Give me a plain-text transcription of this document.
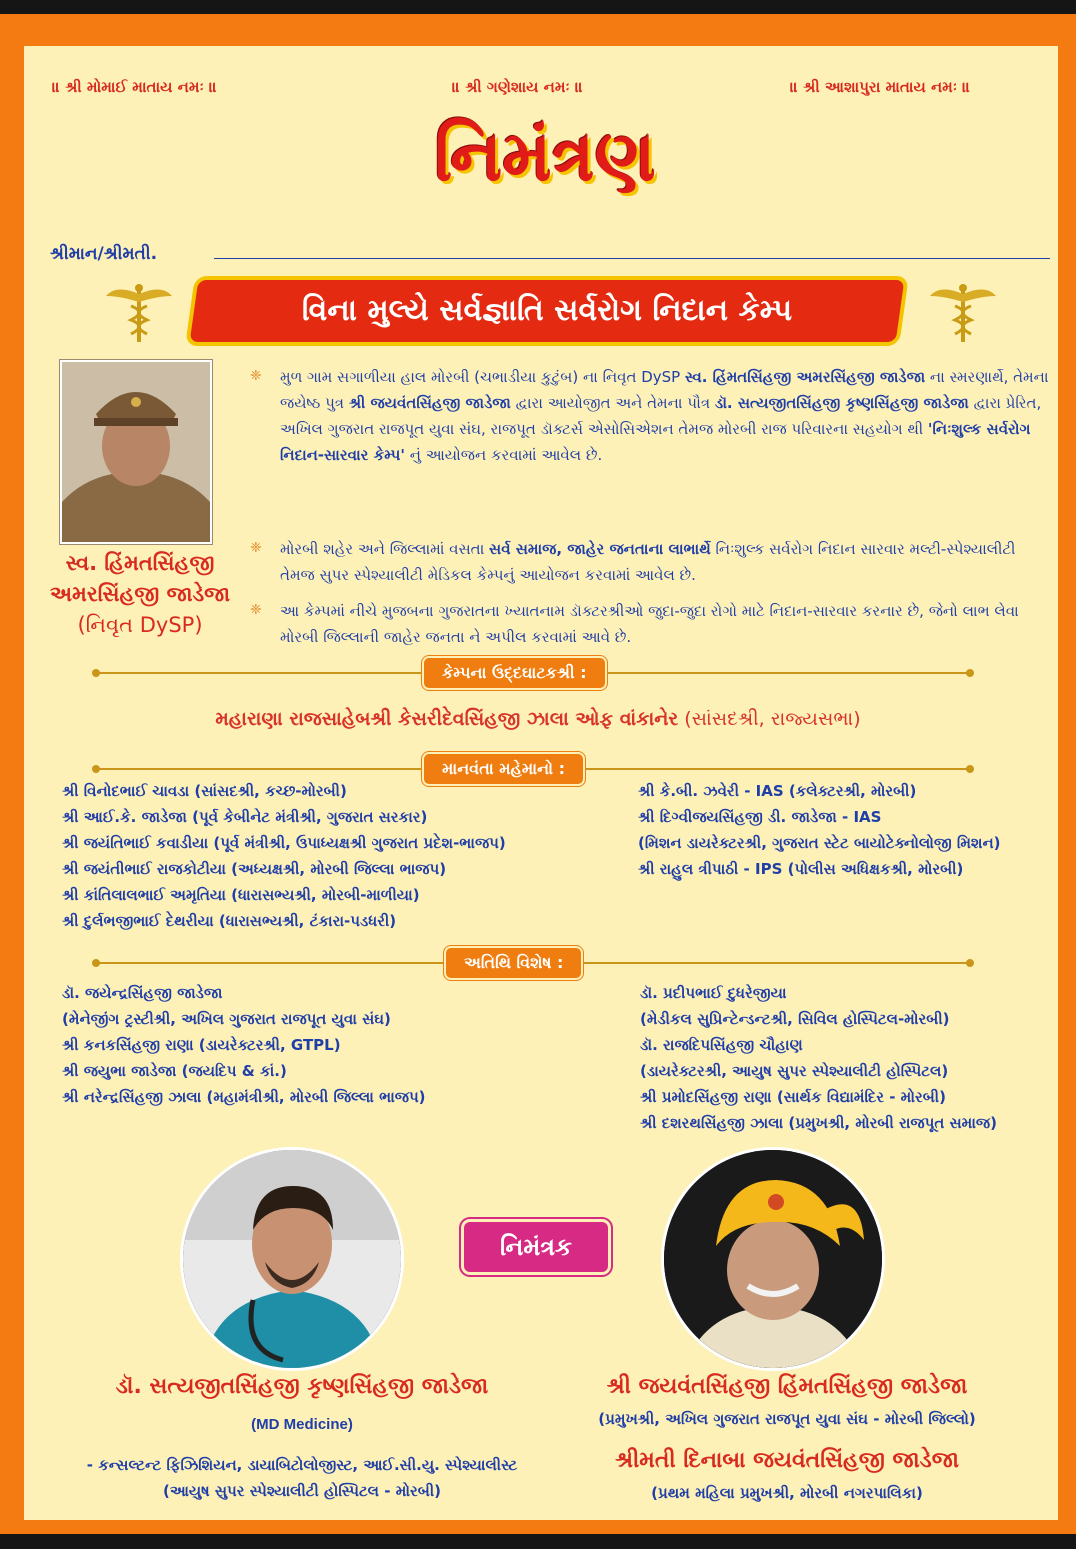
॥ શ્રી મોમાઈ માતાય નમઃ ॥	॥ શ્રી ગણેશાય નમઃ ॥	॥ શ્રી આશાપુરા માતાય નમઃ ॥
નિમંત્રણ
શ્રીમાન/શ્રીમતી.
વિના મુલ્યે સર્વજ્ઞાતિ સર્વરોગ નિદાન કેમ્પ
સ્વ. હિંમતસિંહજી
અમરસિંહજી જાડેજા
(નિવૃત DySP)
❈ મુળ ગામ સગાળીયા હાલ મોરબી (ચભાડીયા કુટુંબ) ના નિવૃત DySP સ્વ. હિંમતસિંહજી અમરસિંહજી જાડેજા ના સ્મરણાર્થે, તેમના જયેષ્ઠ પુત્ર શ્રી જયવંતસિંહજી જાડેજા દ્વારા આયોજીત અને તેમના પૌત્ર ડૉ. સત્યજીતસિંહજી કૃષ્ણસિંહજી જાડેજા દ્વારા પ્રેરિત, અખિલ ગુજરાત રાજપૂત યુવા સંઘ, રાજપૂત ડૉક્ટર્સ એસોસિએશન તેમજ મોરબી રાજ પરિવારના સહયોગ થી 'નિઃશુલ્ક સર્વરોગ નિદાન-સારવાર કેમ્પ' નું આયોજન કરવામાં આવેલ છે.
❈ મોરબી શહેર અને જિલ્લામાં વસતા સર્વ સમાજ, જાહેર જનતાના લાભાર્થે નિઃશુલ્ક સર્વરોગ નિદાન સારવાર મલ્ટી-સ્પેશ્યાલીટી તેમજ સુપર સ્પેશ્યાલીટી મેડિકલ કેમ્પનું આયોજન કરવામાં આવેલ છે.
❈ આ કેમ્પમાં નીચે મુજબના ગુજરાતના ખ્યાતનામ ડૉક્ટરશ્રીઓ જુદા-જુદા રોગો માટે નિદાન-સારવાર કરનાર છે, જેનો લાભ લેવા મોરબી જિલ્લાની જાહેર જનતા ને અપીલ કરવામાં આવે છે.
કેમ્પના ઉદ્દઘાટકશ્રી :
મહારાણા રાજસાહેબશ્રી કેસરીદેવસિંહજી ઝાલા ઓફ વાંકાનેર (સાંસદશ્રી, રાજ્યસભા)
માનવંતા મહેમાનો :
શ્રી વિનોદભાઈ ચાવડા (સાંસદશ્રી, કચ્છ-મોરબી)
શ્રી આઈ.કે. જાડેજા (પૂર્વ કેબીનેટ મંત્રીશ્રી, ગુજરાત સરકાર)
શ્રી જયંતિભાઈ કવાડીયા (પૂર્વ મંત્રીશ્રી, ઉપાધ્યક્ષશ્રી ગુજરાત પ્રદેશ-ભાજપ)
શ્રી જયંતીભાઈ રાજકોટીયા (અધ્યક્ષશ્રી, મોરબી જિલ્લા ભાજપ)
શ્રી કાંતિલાલભાઈ અમૃતિયા (ધારાસભ્યશ્રી, મોરબી-માળીયા)
શ્રી દુર્લભજીભાઈ દેથરીયા (ધારાસભ્યશ્રી, ટંકારા-પડધરી)
શ્રી કે.બી. ઝવેરી - IAS (કલેક્ટરશ્રી, મોરબી)
શ્રી દિગ્વીજયસિંહજી ડી. જાડેજા - IAS
(મિશન ડાયરેક્ટરશ્રી, ગુજરાત સ્ટેટ બાયોટેક્નોલોજી મિશન)
શ્રી રાહુલ ત્રીપાઠી - IPS (પોલીસ અધિક્ષકશ્રી, મોરબી)
અતિથિ વિશેષ :
ડૉ. જયેન્દ્રસિંહજી જાડેજા
(મેનેજીંગ ટ્રસ્ટીશ્રી, અખિલ ગુજરાત રાજપૂત યુવા સંઘ)
શ્રી કનકસિંહજી રાણા (ડાયરેક્ટરશ્રી, GTPL)
શ્રી જયુભા જાડેજા (જયદિપ & કાં.)
શ્રી નરેન્દ્રસિંહજી ઝાલા (મહામંત્રીશ્રી, મોરબી જિલ્લા ભાજપ)
ડૉ. પ્રદીપભાઈ દુધરેજીયા
(મેડીકલ સુપ્રિન્ટેન્ડન્ટશ્રી, સિવિલ હોસ્પિટલ-મોરબી)
ડૉ. રાજદિપસિંહજી ચૌહાણ
(ડાયરેક્ટરશ્રી, આયુષ સુપર સ્પેશ્યાલીટી હોસ્પિટલ)
શ્રી પ્રમોદસિંહજી રાણા (સાર્થક વિદ્યામંદિર - મોરબી)
શ્રી દશરથસિંહજી ઝાલા (પ્રમુખશ્રી, મોરબી રાજપૂત સમાજ)
નિમંત્રક
ડૉ. સત્યજીતસિંહજી કૃષ્ણસિંહજી જાડેજા
(MD Medicine)
- કન્સલ્ટન્ટ ફિઝિશિયન, ડાયાબિટોલોજીસ્ટ, આઈ.સી.યુ. સ્પેશ્યાલીસ્ટ
(આયુષ સુપર સ્પેશ્યાલીટી હોસ્પિટલ - મોરબી)
શ્રી જયવંતસિંહજી હિંમતસિંહજી જાડેજા
(પ્રમુખશ્રી, અખિલ ગુજરાત રાજપૂત યુવા સંઘ - મોરબી જિલ્લો)
શ્રીમતી દિનાબા જયવંતસિંહજી જાડેજા
(પ્રથમ મહિલા પ્રમુખશ્રી, મોરબી નગરપાલિકા)
